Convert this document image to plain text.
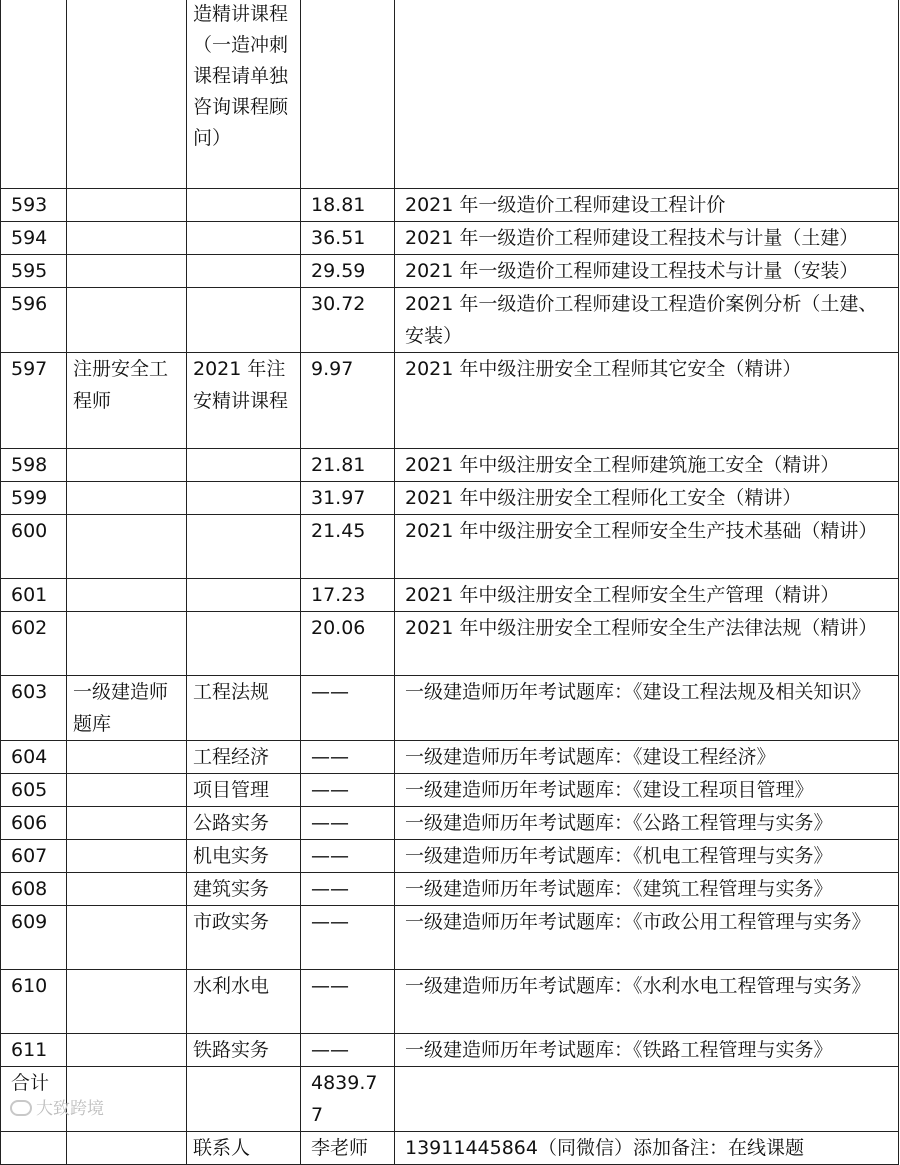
		造精讲课程（一造冲刺课程请单独咨询课程顾问）		
593			18.81	2021 年一级造价工程师建设工程计价
594			36.51	2021 年一级造价工程师建设工程技术与计量（土建）
595			29.59	2021 年一级造价工程师建设工程技术与计量（安装）
596			30.72	2021 年一级造价工程师建设工程造价案例分析（土建、安装）
597	注册安全工程师	2021 年注安精讲课程	9.97	2021 年中级注册安全工程师其它安全（精讲）
598			21.81	2021 年中级注册安全工程师建筑施工安全（精讲）
599			31.97	2021 年中级注册安全工程师化工安全（精讲）
600			21.45	2021 年中级注册安全工程师安全生产技术基础（精讲）
601			17.23	2021 年中级注册安全工程师安全生产管理（精讲）
602			20.06	2021 年中级注册安全工程师安全生产法律法规（精讲）
603	一级建造师题库	工程法规	——	一级建造师历年考试题库：《建设工程法规及相关知识》
604		工程经济	——	一级建造师历年考试题库：《建设工程经济》
605		项目管理	——	一级建造师历年考试题库：《建设工程项目管理》
606		公路实务	——	一级建造师历年考试题库：《公路工程管理与实务》
607		机电实务	——	一级建造师历年考试题库：《机电工程管理与实务》
608		建筑实务	——	一级建造师历年考试题库：《建筑工程管理与实务》
609		市政实务	——	一级建造师历年考试题库：《市政公用工程管理与实务》
610		水利水电	——	一级建造师历年考试题库：《水利水电工程管理与实务》
611		铁路实务	——	一级建造师历年考试题库：《铁路工程管理与实务》
合计			4839.77	
		联系人	李老师	13911445864（同微信）添加备注：在线课题
大致跨境
